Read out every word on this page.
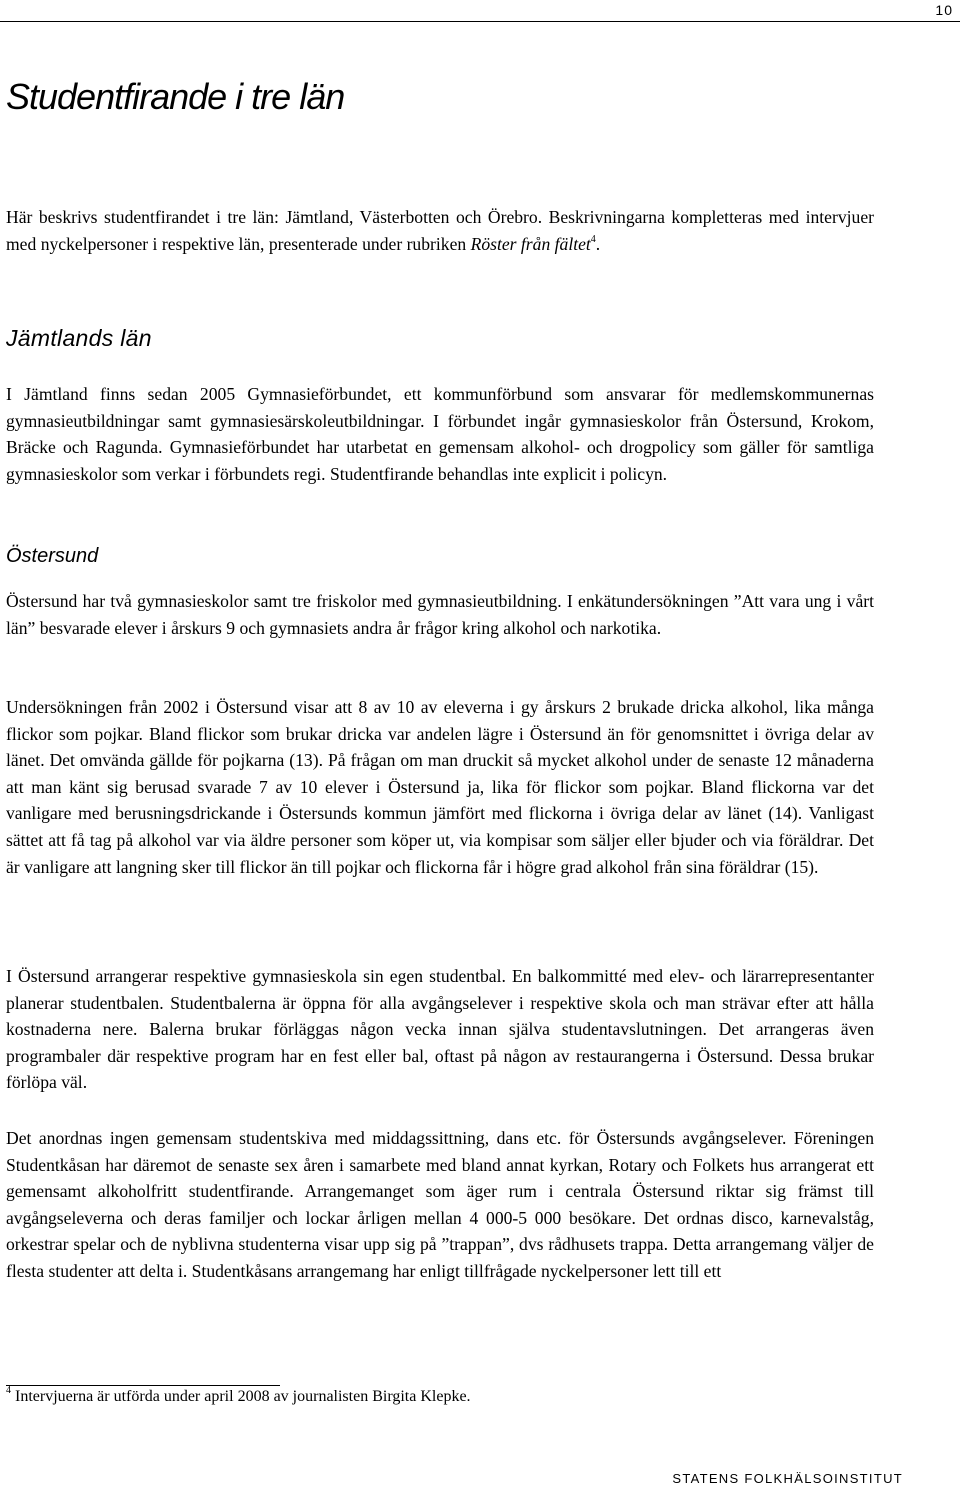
10
Studentfirande i tre län

Här beskrivs studentfirandet i tre län: Jämtland, Västerbotten och Örebro. Beskrivningarna kompletteras med intervjuer med nyckelpersoner i respektive län, presenterade under rubriken Röster från fältet$^4$.

Jämtlands län

I Jämtland finns sedan 2005 Gymnasieförbundet, ett kommunförbund som ansvarar för medlemskommunernas gymnasieutbildningar samt gymnasiesärskoleutbildningar. I förbundet ingår gymnasieskolor från Östersund, Krokom, Bräcke och Ragunda. Gymnasieförbundet har utarbetat en gemensam alkohol- och drogpolicy som gäller för samtliga gymnasieskolor som verkar i förbundets regi. Studentfirande behandlas inte explicit i policyn.

Östersund

Östersund har två gymnasieskolor samt tre friskolor med gymnasieutbildning. I enkätundersökningen ”Att vara ung i vårt län” besvarade elever i årskurs 9 och gymnasiets andra år frågor kring alkohol och narkotika.

Undersökningen från 2002 i Östersund visar att 8 av 10 av eleverna i gy årskurs 2 brukade dricka alkohol, lika många flickor som pojkar. Bland flickor som brukar dricka var andelen lägre i Östersund än för genomsnittet i övriga delar av länet. Det omvända gällde för pojkarna (13). På frågan om man druckit så mycket alkohol under de senaste 12 månaderna att man känt sig berusad svarade 7 av 10 elever i Östersund ja, lika för flickor som pojkar. Bland flickorna var det vanligare med berusningsdrickande i Östersunds kommun jämfört med flickorna i övriga delar av länet (14). Vanligast sättet att få tag på alkohol var via äldre personer som köper ut, via kompisar som säljer eller bjuder och via föräldrar. Det är vanligare att langning sker till flickor än till pojkar och flickorna får i högre grad alkohol från sina föräldrar (15).

I Östersund arrangerar respektive gymnasieskola sin egen studentbal. En balkommitté med elev- och lärarrepresentanter planerar studentbalen. Studentbalerna är öppna för alla avgångselever i respektive skola och man strävar efter att hålla kostnaderna nere. Balerna brukar förläggas någon vecka innan själva studentavslutningen. Det arrangeras även programbaler där respektive program har en fest eller bal, oftast på någon av restaurangerna i Östersund. Dessa brukar förlöpa väl.

Det anordnas ingen gemensam studentskiva med middagssittning, dans etc. för Östersunds avgångselever. Föreningen Studentkåsan har däremot de senaste sex åren i samarbete med bland annat kyrkan, Rotary och Folkets hus arrangerat ett gemensamt alkoholfritt studentfirande. Arrangemanget som äger rum i centrala Östersund riktar sig främst till avgångseleverna och deras familjer och lockar årligen mellan 4 000-5 000 besökare. Det ordnas disco, karnevalståg, orkestrar spelar och de nyblivna studenterna visar upp sig på ”trappan”, dvs rådhusets trappa. Detta arrangemang väljer de flesta studenter att delta i. Studentkåsans arrangemang har enligt tillfrågade nyckelpersoner lett till ett

$^4$ Intervjuerna är utförda under april 2008 av journalisten Birgita Klepke.

STATENS FOLKHÄLSOINSTITUT
